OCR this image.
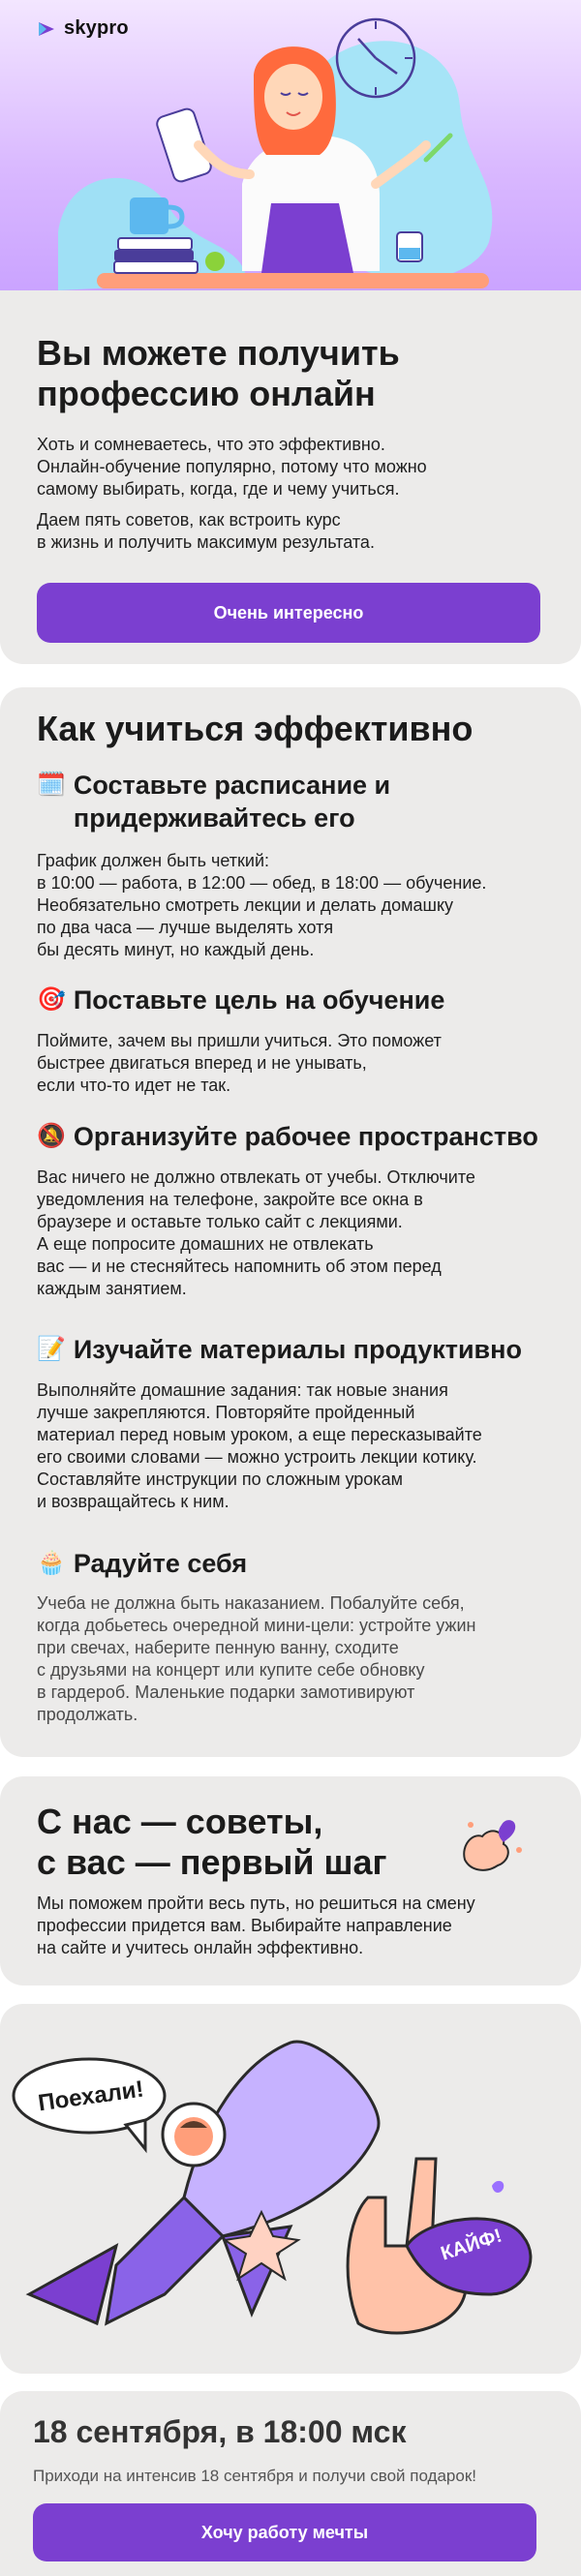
skypro
Вы можете получить
профессию онлайн
Хоть и сомневаетесь, что это эффективно.
Онлайн-обучение популярно, потому что можно
самому выбирать, когда, где и чему учиться.
Даем пять советов, как встроить курс
в жизнь и получить максимум результата.
Очень интересно
Как учиться эффективно
🗓️ Составьте расписание и
придерживайтесь его
График должен быть четкий:
в 10:00 — работа, в 12:00 — обед, в 18:00 — обучение.
Необязательно смотреть лекции и делать домашку
по два часа — лучше выделять хотя
бы десять минут, но каждый день.
🎯 Поставьте цель на обучение
Поймите, зачем вы пришли учиться. Это поможет
быстрее двигаться вперед и не унывать,
если что-то идет не так.
🔕 Организуйте рабочее пространство
Вас ничего не должно отвлекать от учебы. Отключите
уведомления на телефоне, закройте все окна в
браузере и оставьте только сайт с лекциями.
А еще попросите домашних не отвлекать
вас — и не стесняйтесь напомнить об этом перед
каждым занятием.
📝 Изучайте материалы продуктивно
Выполняйте домашние задания: так новые знания
лучше закрепляются. Повторяйте пройденный
материал перед новым уроком, а еще пересказывайте
его своими словами — можно устроить лекции котику.
Составляйте инструкции по сложным урокам
и возвращайтесь к ним.
🧁 Радуйте себя
Учеба не должна быть наказанием. Побалуйте себя,
когда добьетесь очередной мини-цели: устройте ужин
при свечах, наберите пенную ванну, сходите
с друзьями на концерт или купите себе обновку
в гардероб. Маленькие подарки замотивируют
продолжать.
С нас — советы,
с вас — первый шаг
Мы поможем пройти весь путь, но решиться на смену
профессии придется вам. Выбирайте направление
на сайте и учитесь онлайн эффективно.
Поехали!
КАЙФ!
18 сентября, в 18:00 мск
Приходи на интенсив 18 сентября и получи свой подарок!
Хочу работу мечты
